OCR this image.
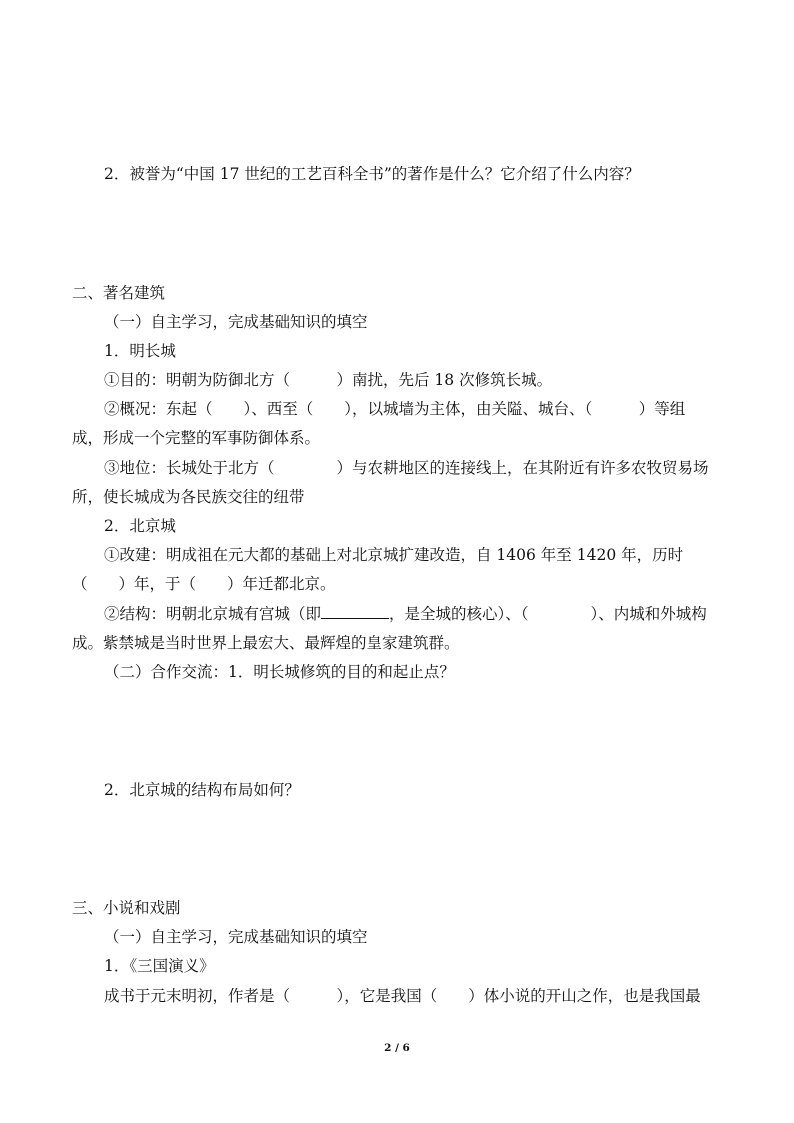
2．被誉为“中国 17 世纪的工艺百科全书”的著作是什么？它介绍了什么内容？
二、著名建筑
（一）自主学习，完成基础知识的填空
1．明长城
①目的：明朝为防御北方（　　　）南扰，先后 18 次修筑长城。
②概况：东起（　　）、西至（　　），以城墙为主体，由关隘、城台、（　　　）等组
成，形成一个完整的军事防御体系。
③地位：长城处于北方（　　　　）与农耕地区的连接线上，在其附近有许多农牧贸易场
所，使长城成为各民族交往的纽带
2．北京城
①改建：明成祖在元大都的基础上对北京城扩建改造，自 1406 年至 1420 年，历时
（　　）年，于（　　）年迁都北京。
②结构：明朝北京城有宫城（即	，是全城的核心）、（　　　　）、内城和外城构
成。紫禁城是当时世界上最宏大、最辉煌的皇家建筑群。
（二）合作交流：1．明长城修筑的目的和起止点？
2．北京城的结构布局如何？
三、小说和戏剧
（一）自主学习，完成基础知识的填空
1．《三国演义》
成书于元末明初，作者是（　　　），它是我国（　　）体小说的开山之作，也是我国最
2 / 6
